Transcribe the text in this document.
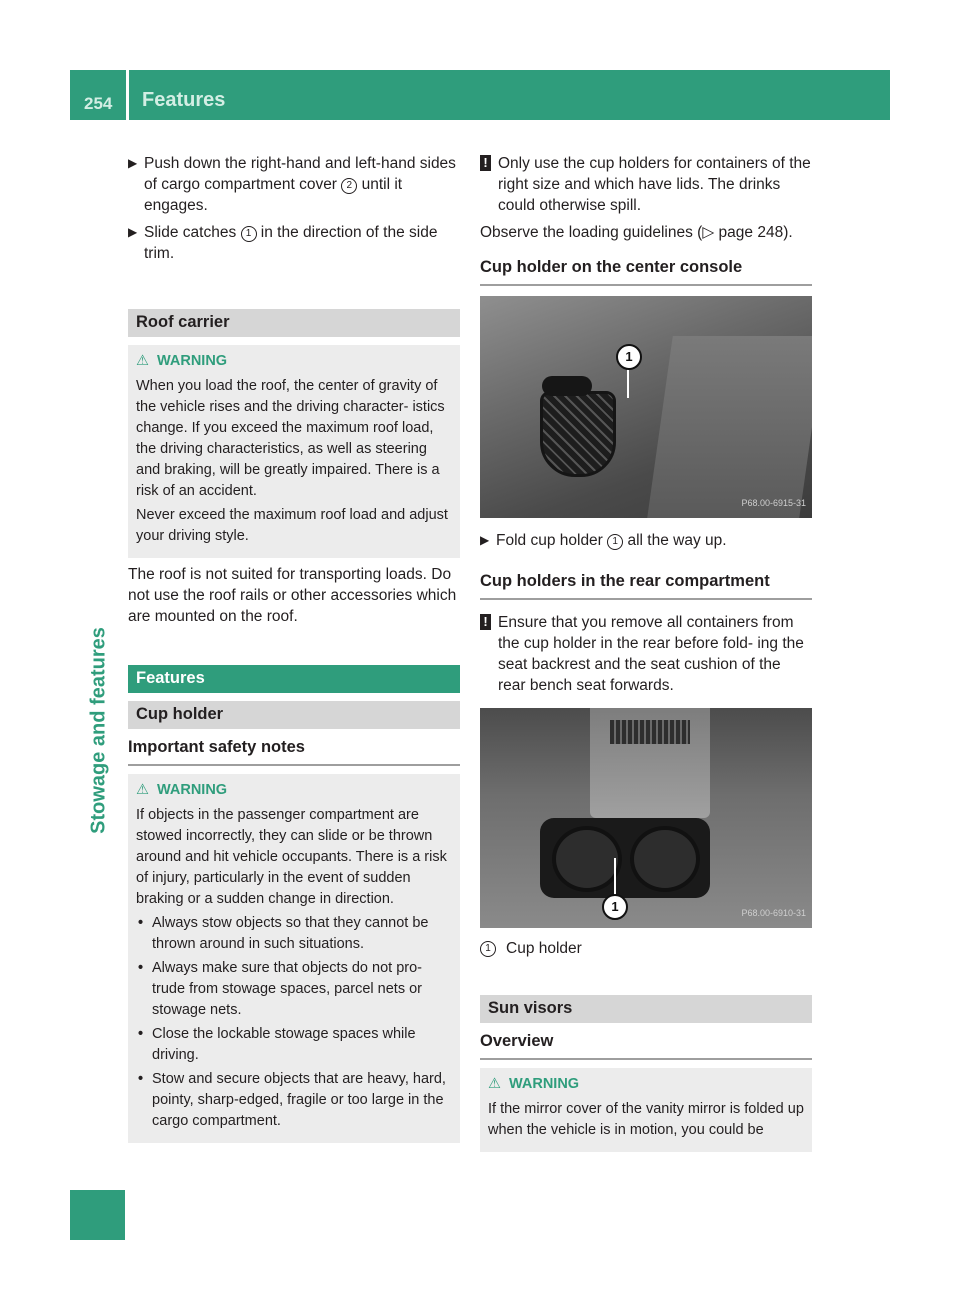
254 Features
Stowage and features

▶ Push down the right-hand and left-hand sides of cargo compartment cover 2 until it engages.

▶ Slide catches 1 in the direction of the side trim.

Roof carrier
⚠ WARNING

When you load the roof, the center of gravity of the vehicle rises and the driving character- istics change. If you exceed the maximum roof load, the driving characteristics, as well as steering and braking, will be greatly impaired. There is a risk of an accident.

Never exceed the maximum roof load and adjust your driving style.

The roof is not suited for transporting loads. Do not use the roof rails or other accessories which are mounted on the roof.

Features
Cup holder
Important safety notes
⚠ WARNING

If objects in the passenger compartment are stowed incorrectly, they can slide or be thrown around and hit vehicle occupants. There is a risk of injury, particularly in the event of sudden braking or a sudden change in direction.

• Always stow objects so that they cannot be thrown around in such situations.

• Always make sure that objects do not pro- trude from stowage spaces, parcel nets or stowage nets.

• Close the lockable stowage spaces while driving.

• Stow and secure objects that are heavy, hard, pointy, sharp-edged, fragile or too large in the cargo compartment.

! Only use the cup holders for containers of the right size and which have lids. The drinks could otherwise spill.

Observe the loading guidelines (▷ page 248).

Cup holder on the center console
1
P68.00-6915-31

▶ Fold cup holder 1 all the way up.

Cup holders in the rear compartment

! Ensure that you remove all containers from the cup holder in the rear before fold- ing the seat backrest and the seat cushion of the rear bench seat forwards.

1	P68.00-6910-31

1 Cup holder

Sun visors
Overview
⚠ WARNING

If the mirror cover of the vanity mirror is folded up when the vehicle is in motion, you could be
